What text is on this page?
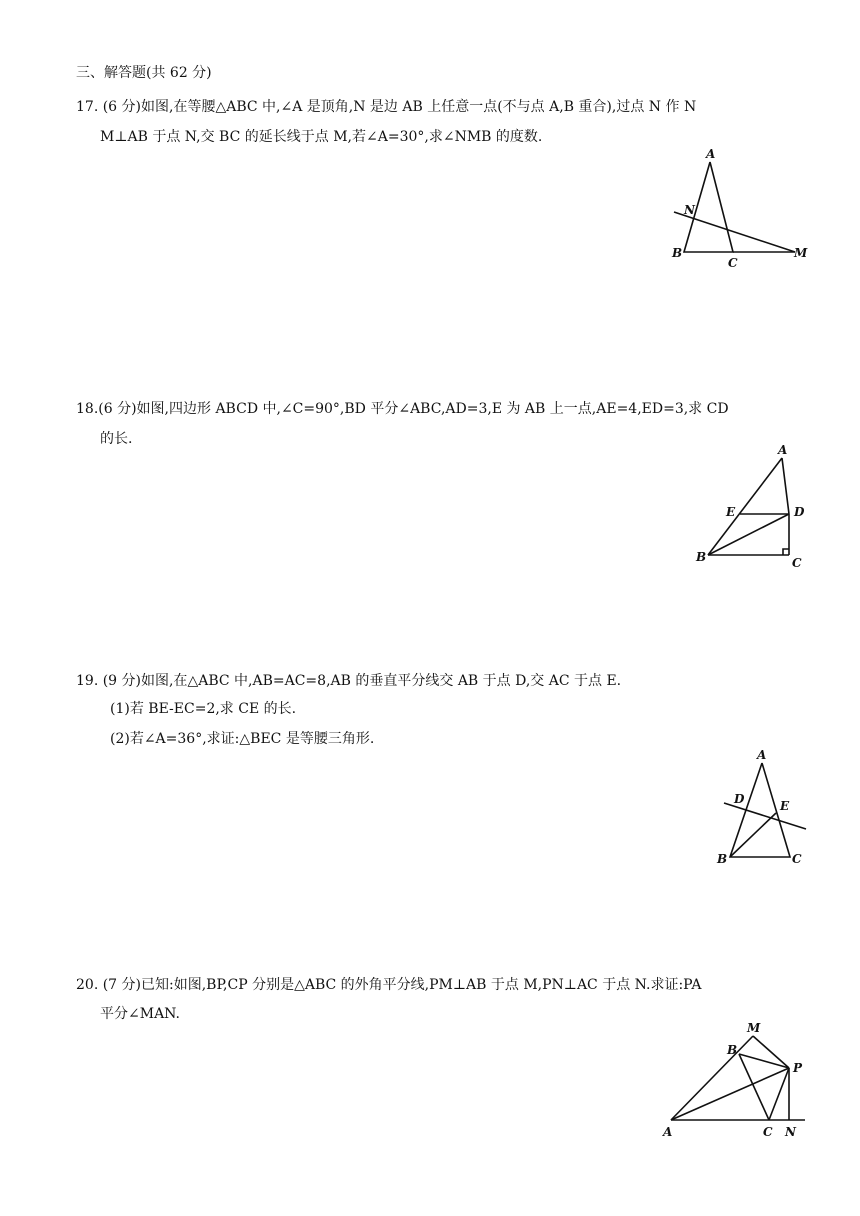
三、解答题(共 62 分)
17. (6 分)如图,在等腰△ABC 中,∠A 是顶角,N 是边 AB 上任意一点(不与点 A,B 重合),过点 N 作 N
M⊥AB 于点 N,交 BC 的延长线于点 M,若∠A=30°,求∠NMB 的度数.
A
N
B
C
M
18.(6 分)如图,四边形 ABCD 中,∠C=90°,BD 平分∠ABC,AD=3,E 为 AB 上一点,AE=4,ED=3,求 CD
的长.
A
E	D
B	C
19. (9 分)如图,在△ABC 中,AB=AC=8,AB 的垂直平分线交 AB 于点 D,交 AC 于点 E.
(1)若 BE-EC=2,求 CE 的长.
(2)若∠A=36°,求证:△BEC 是等腰三角形.
A
D	E
B	C
20. (7 分)已知:如图,BP,CP 分别是△ABC 的外角平分线,PM⊥AB 于点 M,PN⊥AC 于点 N.求证:PA
平分∠MAN.
M
B
P
A	C N
